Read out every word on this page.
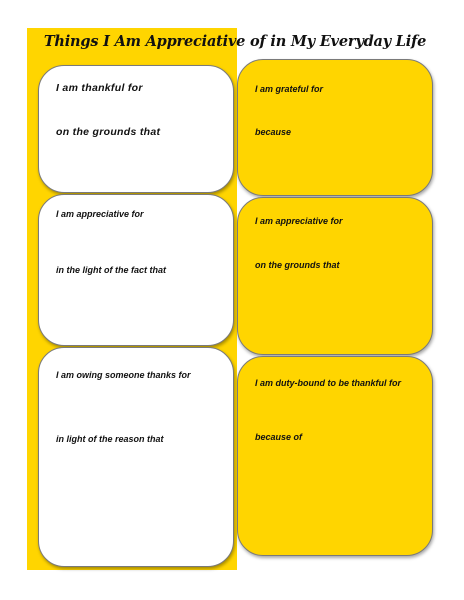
Things I Am Appreciative of in My Everyday Life
I am thankful for
on the grounds that
I am appreciative for
in the light of the fact that
I am owing someone thanks for
in light of the reason that
I am grateful for
because
I am appreciative for
on the grounds that
I am duty-bound to be thankful for
because of
